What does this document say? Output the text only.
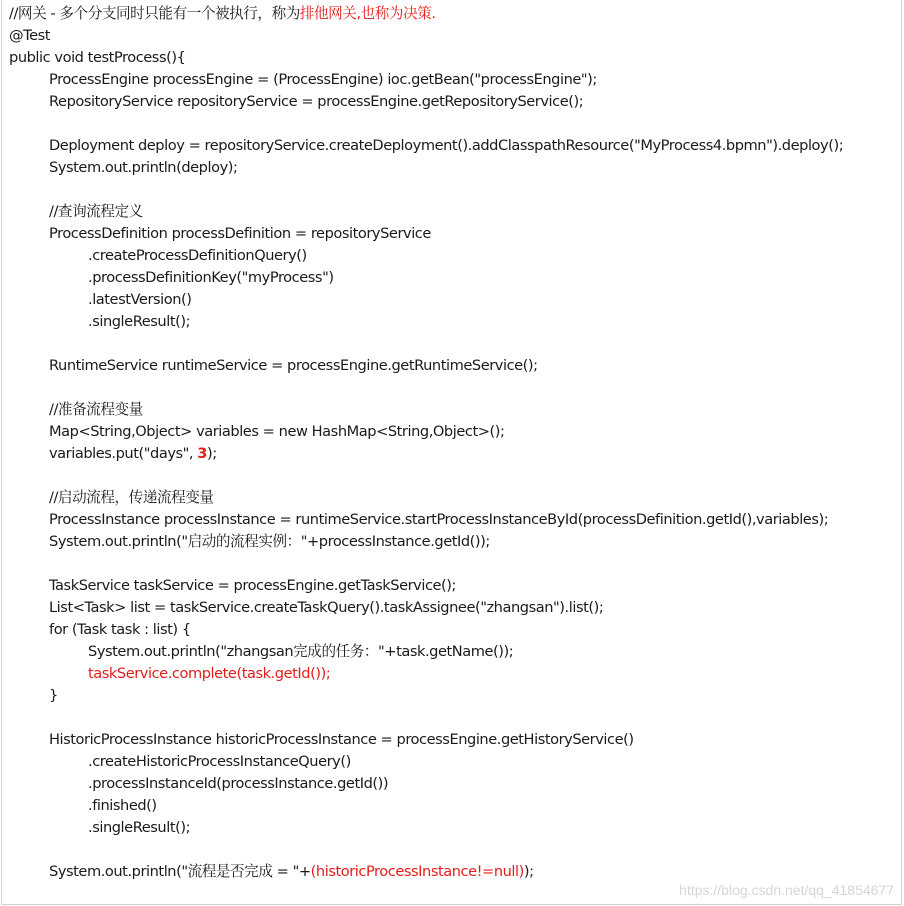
//网关 - 多个分支同时只能有一个被执行，称为排他网关,也称为决策.
@Test
public void testProcess(){
ProcessEngine processEngine = (ProcessEngine) ioc.getBean("processEngine");
RepositoryService repositoryService = processEngine.getRepositoryService();
Deployment deploy = repositoryService.createDeployment().addClasspathResource("MyProcess4.bpmn").deploy();
System.out.println(deploy);
//查询流程定义
ProcessDefinition processDefinition = repositoryService
.createProcessDefinitionQuery()
.processDefinitionKey("myProcess")
.latestVersion()
.singleResult();
RuntimeService runtimeService = processEngine.getRuntimeService();
//准备流程变量
Map<String,Object> variables = new HashMap<String,Object>();
variables.put("days", 3);
//启动流程，传递流程变量
ProcessInstance processInstance = runtimeService.startProcessInstanceById(processDefinition.getId(),variables);
System.out.println("启动的流程实例："+processInstance.getId());
TaskService taskService = processEngine.getTaskService();
List<Task> list = taskService.createTaskQuery().taskAssignee("zhangsan").list();
for (Task task : list) {
System.out.println("zhangsan完成的任务："+task.getName());
taskService.complete(task.getId());
}
HistoricProcessInstance historicProcessInstance = processEngine.getHistoryService()
.createHistoricProcessInstanceQuery()
.processInstanceId(processInstance.getId())
.finished()
.singleResult();
System.out.println("流程是否完成 = "+(historicProcessInstance!=null));
https://blog.csdn.net/qq_41854677
